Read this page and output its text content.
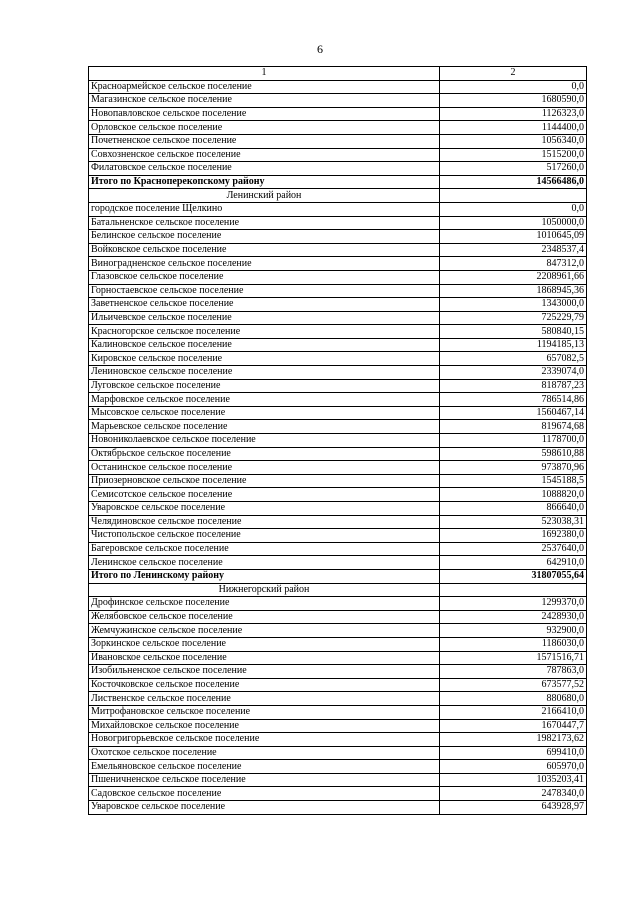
6
1	2
Красноармейское сельское поселение	0,0
Магазинское сельское поселение	1680590,0
Новопавловское сельское поселение	1126323,0
Орловское сельское поселение	1144400,0
Почетненское сельское поселение	1056340,0
Совхозненское сельское поселение	1515200,0
Филатовское сельское поселение	517260,0
Итого по Красноперекопскому району	14566486,0
Ленинский район	
городское поселение Щелкино	0,0
Батальненское сельское поселение	1050000,0
Белинское сельское поселение	1010645,09
Войковское сельское поселение	2348537,4
Виноградненское сельское поселение	847312,0
Глазовское сельское поселение	2208961,66
Горностаевское сельское поселение	1868945,36
Заветненское сельское поселение	1343000,0
Ильичевское сельское поселение	725229,79
Красногорское сельское поселение	580840,15
Калиновское сельское поселение	1194185,13
Кировское сельское поселение	657082,5
Лениновское сельское поселение	2339074,0
Луговское сельское поселение	818787,23
Марфовское сельское поселение	786514,86
Мысовское сельское поселение	1560467,14
Марьевское сельское поселение	819674,68
Новониколаевское сельское поселение	1178700,0
Октябрьское сельское поселение	598610,88
Останинское сельское поселение	973870,96
Приозерновское сельское поселение	1545188,5
Семисотское сельское поселение	1088820,0
Уваровское сельское поселение	866640,0
Челядиновское сельское поселение	523038,31
Чистопольское сельское поселение	1692380,0
Багеровское сельское поселение	2537640,0
Ленинское сельское поселение	642910,0
Итого по Ленинскому району	31807055,64
Нижнегорский район	
Дрофинское сельское поселение	1299370,0
Желябовское сельское поселение	2428930,0
Жемчужинское сельское поселение	932900,0
Зоркинское сельское поселение	1186030,0
Ивановское сельское поселение	1571516,71
Изобильненское сельское поселение	787863,0
Косточковское сельское поселение	673577,52
Лиственское сельское поселение	880680,0
Митрофановское сельское поселение	2166410,0
Михайловское сельское поселение	1670447,7
Новогригорьевское сельское поселение	1982173,62
Охотское сельское поселение	699410,0
Емельяновское сельское поселение	605970,0
Пшеничненское сельское поселение	1035203,41
Садовское сельское поселение	2478340,0
Уваровское сельское поселение	643928,97
